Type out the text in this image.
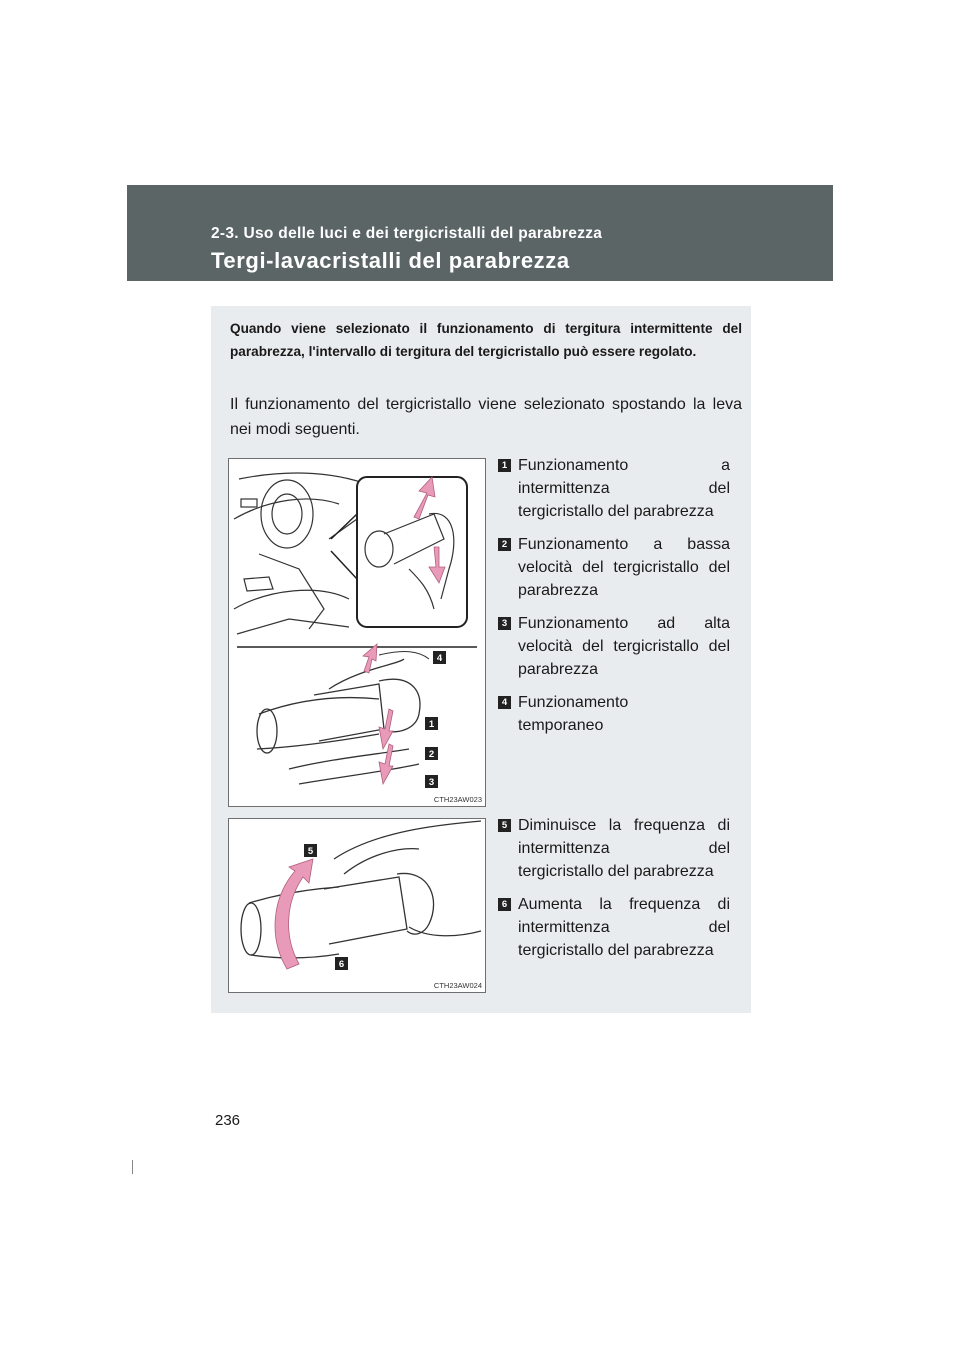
2-3. Uso delle luci e dei tergicristalli del parabrezza
Tergi-lavacristalli del parabrezza
Quando viene selezionato il funzionamento di tergitura intermittente del parabrezza, l'intervallo di tergitura del tergicristallo può essere regolato.
Il funzionamento del tergicristallo viene selezionato spostando la leva nei modi seguenti.
4
1
2
3
CTH23AW023
1 Funzionamento a
intermittenza del
tergicristallo del parabrezza
2 Funzionamento a bassa
velocità del tergicristallo del
parabrezza
3 Funzionamento ad alta
velocità del tergicristallo del
parabrezza
4 Funzionamento
temporaneo
5
6
CTH23AW024
5 Diminuisce la frequenza di
intermittenza del
tergicristallo del parabrezza
6 Aumenta la frequenza di
intermittenza del
tergicristallo del parabrezza
236
